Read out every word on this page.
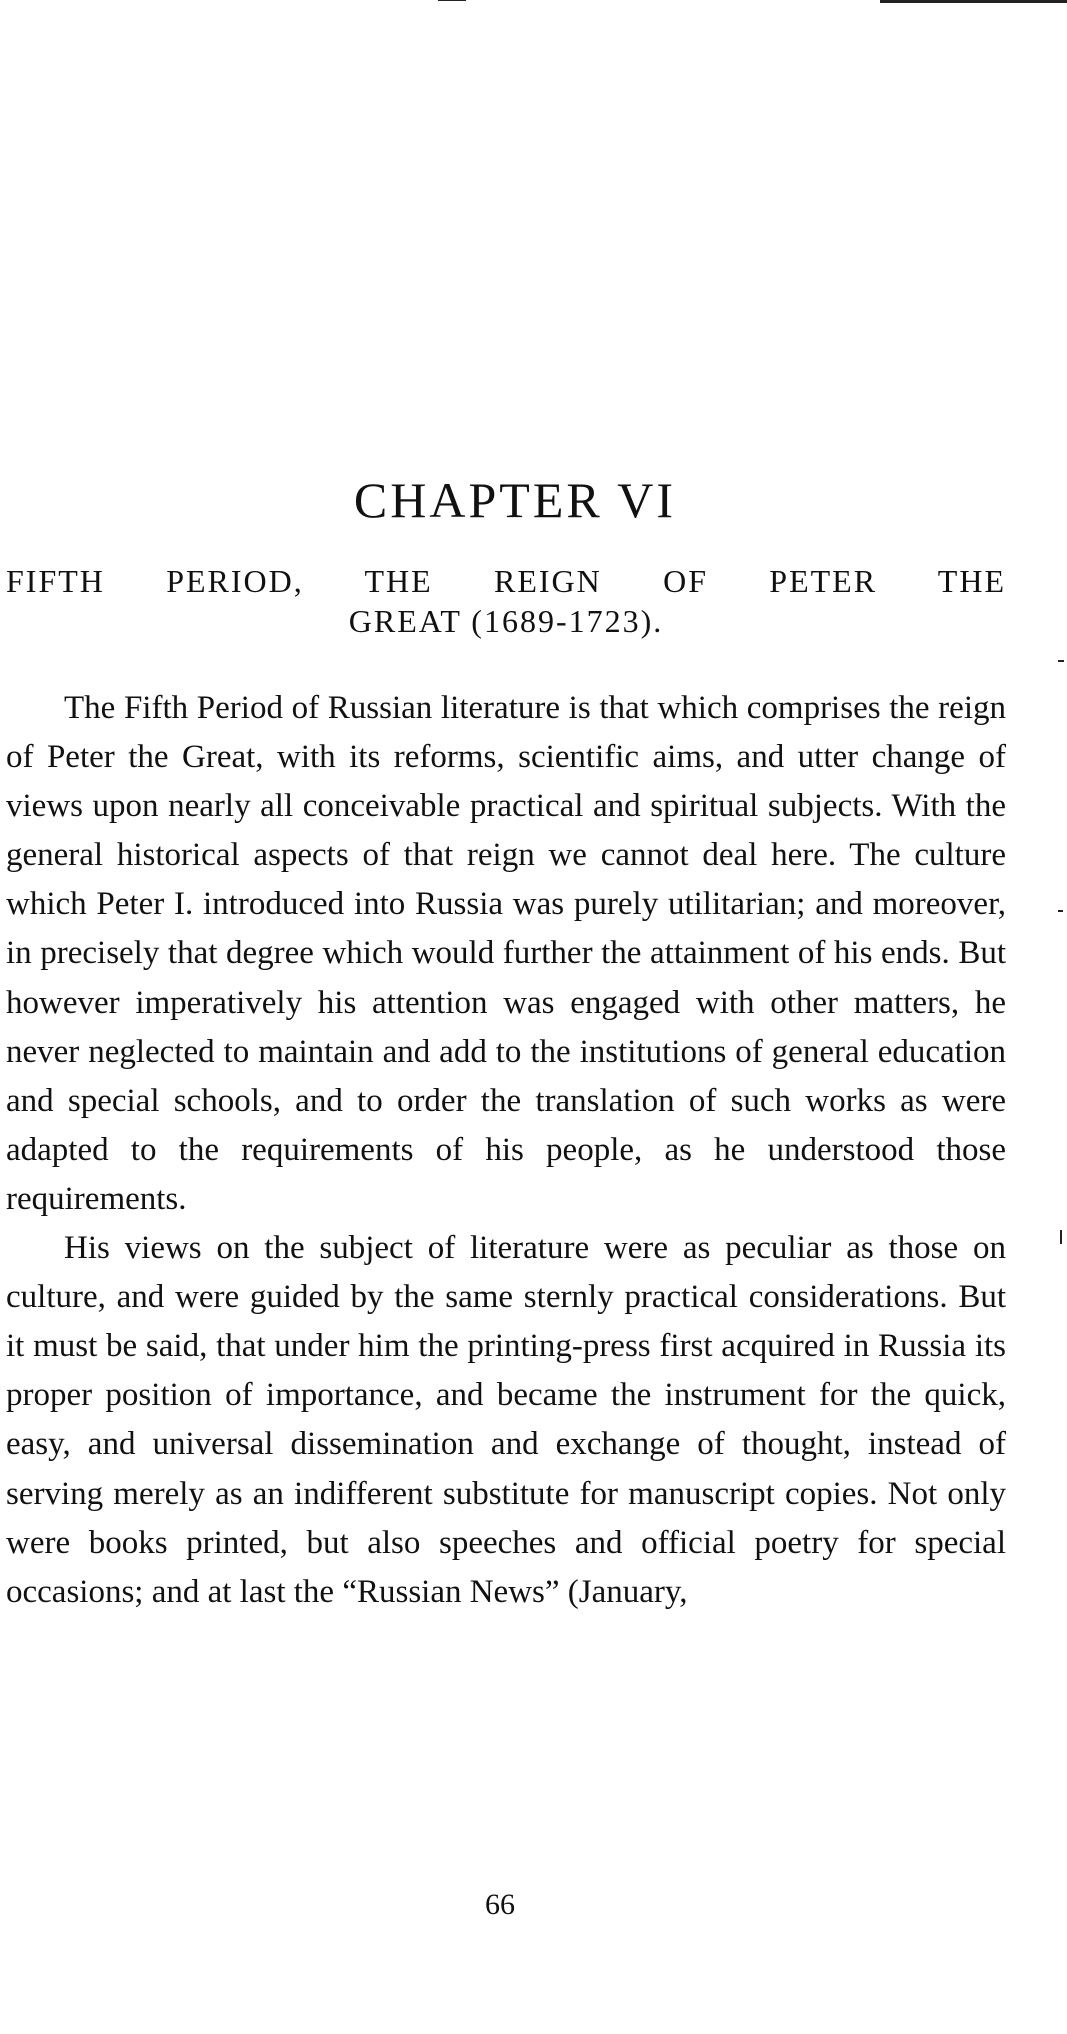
CHAPTER VI
FIFTH PERIOD, THE REIGN OF PETER THE
GREAT (1689-1723).

The Fifth Period of Russian literature is that which comprises the reign of Peter the Great, with its reforms, scientific aims, and utter change of views upon nearly all conceivable practical and spiritual subjects. With the general historical aspects of that reign we cannot deal here. The culture which Peter I. introduced into Russia was purely utilitarian; and moreover, in precisely that degree which would further the attainment of his ends. But however imperatively his attention was engaged with other matters, he never neglected to maintain and add to the institutions of general education and special schools, and to order the translation of such works as were adapted to the requirements of his people, as he understood those requirements.

His views on the subject of literature were as peculiar as those on culture, and were guided by the same sternly practical considerations. But it must be said, that under him the printing-press first acquired in Russia its proper position of importance, and became the instrument for the quick, easy, and universal dissemination and exchange of thought, instead of serving merely as an indifferent substitute for manuscript copies. Not only were books printed, but also speeches and official poetry for special occasions; and at last the “Russian News” (January,

66
